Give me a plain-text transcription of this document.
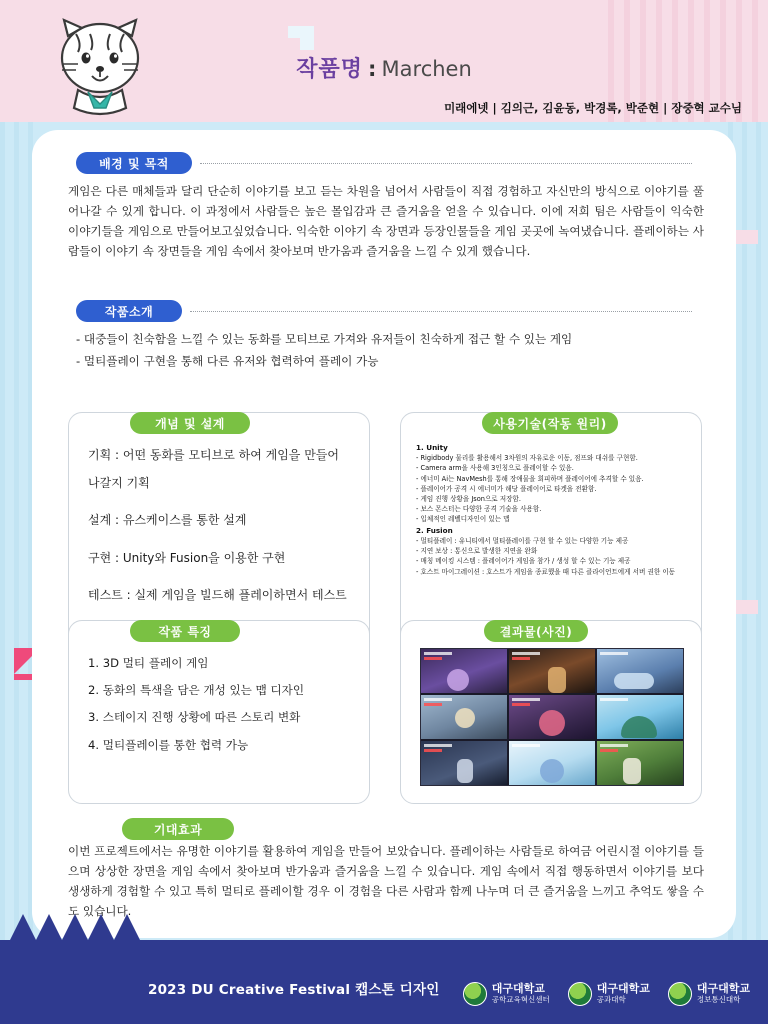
작품명 : Marchen
미래에넷 | 김의근, 김윤동, 박경록, 박준현 | 장중혁 교수님
배경 및 목적
게임은 다른 매체들과 달리 단순히 이야기를 보고 듣는 차원을 넘어서 사람들이 직접 경험하고 자신만의 방식으로 이야기를 풀어나갈 수 있게 합니다. 이 과정에서 사람들은 높은 몰입감과 큰 즐거움을 얻을 수 있습니다. 이에 저희 팀은 사람들이 익숙한 이야기들을 게임으로 만들어보고싶었습니다. 익숙한 이야기 속 장면과 등장인물들을 게임 곳곳에 녹여냈습니다. 플레이하는 사람들이 이야기 속 장면들을 게임 속에서 찾아보며 반가움과 즐거움을 느낄 수 있게 했습니다.
작품소개
- 대중들이 친숙함을 느낄 수 있는 동화를 모티브로 가져와 유저들이 친숙하게 접근 할 수 있는 게임
- 멀티플레이 구현을 통해 다른 유저와 협력하여 플레이 가능
개념 및 설계
기획 : 어떤 동화를 모티브로 하여 게임을 만들어
나갈지 기획
설계 : 유스케이스를 통한 설계
구현 : Unity와 Fusion을 이용한 구현
테스트 : 실제 게임을 빌드해 플레이하면서 테스트
사용기술(작동 원리)
1. Unity
- Rigidbody 물리를 활용해서 3차원의 자유로운 이동, 점프와 대쉬를 구현함.
- Camera arm을 사용해 3인칭으로 플레이할 수 있음.
- 에너미 Ai는 NavMesh를 통해 장애물을 회피하며 플레이어에 추격할 수 있음.
- 플레이어가 공격 시 에너미가 해당 플레이어로 타겟을 전환함.
- 게임 진행 상황을 Json으로 저장함.
- 보스 몬스터는 다양한 공격 기술을 사용함.
- 입체적인 레벨디자인이 있는 맵
2. Fusion
- 멀티플레이 : 유니티에서 멀티플레이를 구현 할 수 있는 다양한 기능 제공
- 지연 보상 : 통신으로 발생한 지연을 완화
- 매칭 메이킹 시스템 : 플레이어가 게임을 참가 / 생성 할 수 있는 기능 제공
- 호스트 마이그레이션 : 호스트가 게임을 종료했을 때 다른 클라이언트에게 서버 권한 이동
작품 특징
1. 3D 멀티 플레이 게임
2. 동화의 특색을 담은 개성 있는 맵 디자인
3. 스테이지 진행 상황에 따른 스토리 변화
4. 멀티플레이를 통한 협력 가능
결과물(사진)
기대효과
이번 프로젝트에서는 유명한 이야기를 활용하여 게임을 만들어 보았습니다. 플레이하는 사람들로 하여금 어린시절 이야기를 들으며 상상한 장면을 게임 속에서 찾아보며 반가움과 즐거움을 느낄 수 있습니다. 게임 속에서 직접 행동하면서 이야기를 보다 생생하게 경험할 수 있고 특히 멀티로 플레이할 경우 이 경험을 다른 사람과 함께 나누며 더 큰 즐거움을 느끼고 추억도 쌓을 수도 있습니다.
2023 DU Creative Festival 캡스톤 디자인	대구대학교
공학교육혁신센터
대구대학교
공과대학
대구대학교
정보통신대학
